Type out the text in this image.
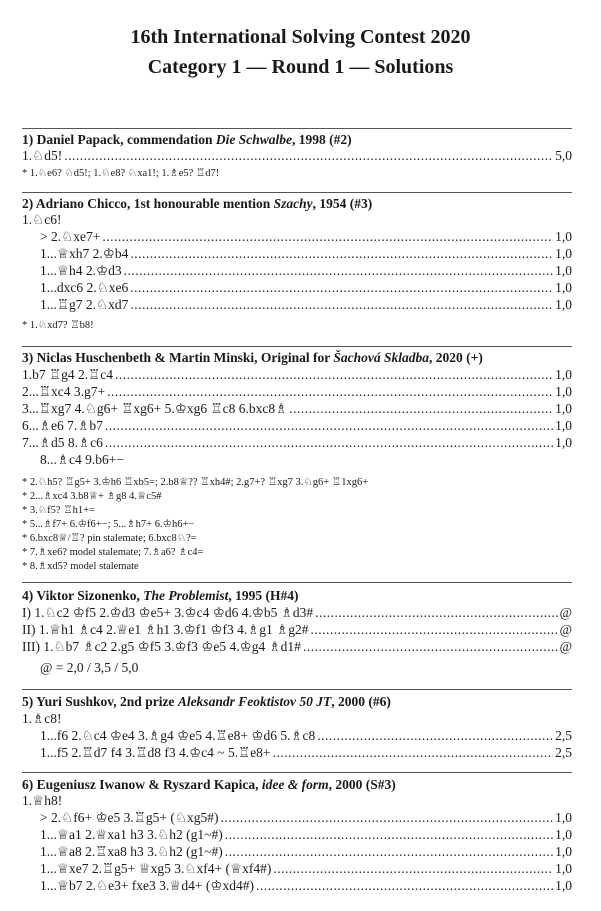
16th International Solving Contest 2020
Category 1 — Round 1 — Solutions
1) Daniel Papack, commendation Die Schwalbe, 1998 (#2)
1.♘d5! .....	5,0
* 1.♘e6? ♘d5!; 1.♘e8? ♘xa1!; 1.♗e5? ♖d7!
2) Adriano Chicco, 1st honourable mention Szachy, 1954 (#3)
1.♘c6!
> 2.♘xe7+ .....	1,0
1...♕xh7 2.♔b4 .....	1,0
1...♕h4 2.♔d3 .....	1,0
1...dxc6 2.♘xe6 .....	1,0
1...♖g7 2.♘xd7 .....	1,0
* 1.♘xd7? ♖b8!
3) Niclas Huschenbeth & Martin Minski, Original for Šachová Skladba, 2020 (+)
1.b7 ♖g4 2.♖c4 .....	1,0
2...♖xc4 3.g7+ .....	1,0
3...♖xg7 4.♘g6+ ♖xg6+ 5.♔xg6 ♖c8 6.bxc8♗ .....	1,0
6...♗e6 7.♗b7 .....	1,0
7...♗d5 8.♗c6 .....	1,0
8...♗c4 9.b6+−
* 2.♘h5? ♖g5+ 3.♔h6 ♖xb5=; 2.b8♕?? ♖xh4#; 2.g7+? ♖xg7 3.♘g6+ ♖1xg6+
* 2...♗xc4 3.b8♕+ ♗g8 4.♕c5#
* 3.♘f5? ♖h1+=
* 5...♗f7+ 6.♔f6+−; 5...♗h7+ 6.♔h6+−
* 6.bxc8♕/♖? pin stalemate; 6.bxc8♘?=
* 7.♗xe6? model stalemate; 7.♗a6? ♗c4=
* 8.♗xd5? model stalemate
4) Viktor Sizonenko, The Problemist, 1995 (H#4)
I) 1.♘c2 ♔f5 2.♔d3 ♔e5+ 3.♔c4 ♔d6 4.♔b5 ♗d3# .....	@
II) 1.♕h1 ♗c4 2.♕e1 ♗h1 3.♔f1 ♔f3 4.♗g1 ♗g2# .....	@
III) 1.♘b7 ♗c2 2.g5 ♔f5 3.♔f3 ♔e5 4.♔g4 ♗d1# .....	@
@ = 2,0 / 3,5 / 5,0
5) Yuri Sushkov, 2nd prize Aleksandr Feoktistov 50 JT, 2000 (#6)
1.♗c8!
1...f6 2.♘c4 ♔e4 3.♗g4 ♔e5 4.♖e8+ ♔d6 5.♗c8 .....	2,5
1...f5 2.♖d7 f4 3.♖d8 f3 4.♔c4 ~ 5.♖e8+ .....	2,5
6) Eugeniusz Iwanow & Ryszard Kapica, idee & form, 2000 (S#3)
1.♕h8!
> 2.♘f6+ ♔e5 3.♖g5+ (♘xg5#) .....	1,0
1...♕a1 2.♕xa1 h3 3.♘h2 (g1~#) .....	1,0
1...♕a8 2.♖xa8 h3 3.♘h2 (g1~#) .....	1,0
1...♕xe7 2.♖g5+ ♕xg5 3.♘xf4+ (♕xf4#) .....	1,0
1...♕b7 2.♘e3+ fxe3 3.♕d4+ (♔xd4#) .....	1,0
